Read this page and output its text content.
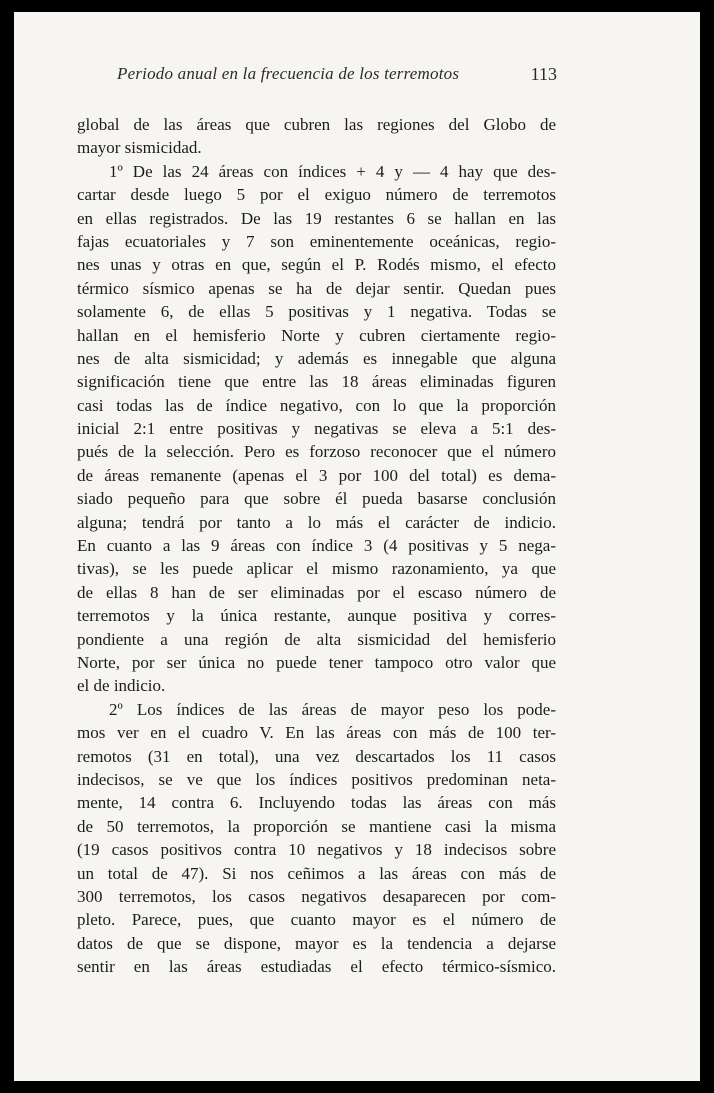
Periodo anual en la frecuencia de los terremotos	113
global de las áreas que cubren las regiones del Globo de
mayor sismicidad.
1º De las 24 áreas con índices + 4 y — 4 hay que des-
cartar desde luego 5 por el exiguo número de terremotos
en ellas registrados. De las 19 restantes 6 se hallan en las
fajas ecuatoriales y 7 son eminentemente oceánicas, regio-
nes unas y otras en que, según el P. Rodés mismo, el efecto
térmico sísmico apenas se ha de dejar sentir. Quedan pues
solamente 6, de ellas 5 positivas y 1 negativa. Todas se
hallan en el hemisferio Norte y cubren ciertamente regio-
nes de alta sismicidad; y además es innegable que alguna
significación tiene que entre las 18 áreas eliminadas figuren
casi todas las de índice negativo, con lo que la proporción
inicial 2:1 entre positivas y negativas se eleva a 5:1 des-
pués de la selección. Pero es forzoso reconocer que el número
de áreas remanente (apenas el 3 por 100 del total) es dema-
siado pequeño para que sobre él pueda basarse conclusión
alguna; tendrá por tanto a lo más el carácter de indicio.
En cuanto a las 9 áreas con índice 3 (4 positivas y 5 nega-
tivas), se les puede aplicar el mismo razonamiento, ya que
de ellas 8 han de ser eliminadas por el escaso número de
terremotos y la única restante, aunque positiva y corres-
pondiente a una región de alta sismicidad del hemisferio
Norte, por ser única no puede tener tampoco otro valor que
el de indicio.
2º Los índices de las áreas de mayor peso los pode-
mos ver en el cuadro V. En las áreas con más de 100 ter-
remotos (31 en total), una vez descartados los 11 casos
indecisos, se ve que los índices positivos predominan neta-
mente, 14 contra 6. Incluyendo todas las áreas con más
de 50 terremotos, la proporción se mantiene casi la misma
(19 casos positivos contra 10 negativos y 18 indecisos sobre
un total de 47). Si nos ceñimos a las áreas con más de
300 terremotos, los casos negativos desaparecen por com-
pleto. Parece, pues, que cuanto mayor es el número de
datos de que se dispone, mayor es la tendencia a dejarse
sentir en las áreas estudiadas el efecto térmico-sísmico.
